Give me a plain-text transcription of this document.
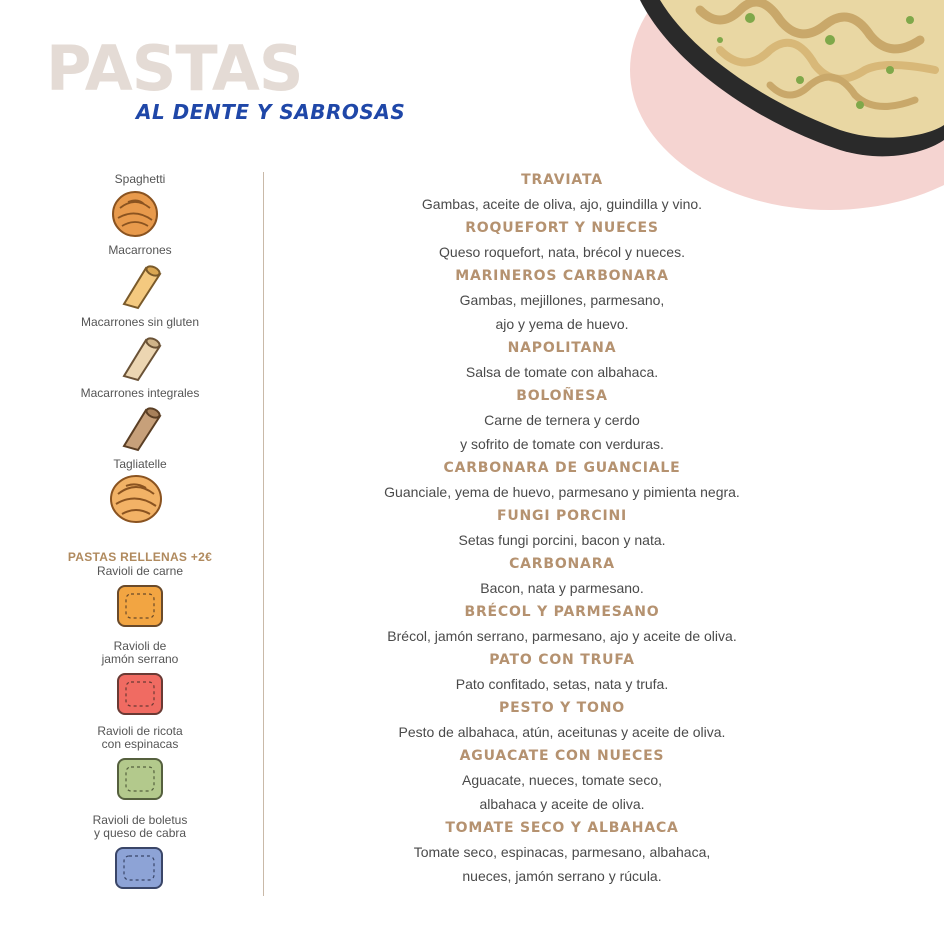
PASTAS
AL DENTE Y SABROSAS
Spaghetti
Macarrones
Macarrones sin gluten
Macarrones integrales
Tagliatelle
PASTAS RELLENAS +2€
Ravioli de carne
Ravioli de
jamón serrano
Ravioli de ricota
con espinacas
Ravioli de boletus
y queso de cabra
TRAVIATA
Gambas, aceite de oliva, ajo, guindilla y vino.
ROQUEFORT Y NUECES
Queso roquefort, nata, brécol y nueces.
MARINEROS CARBONARA
Gambas, mejillones, parmesano,
ajo y yema de huevo.
NAPOLITANA
Salsa de tomate con albahaca.
BOLOÑESA
Carne de ternera y cerdo
y sofrito de tomate con verduras.
CARBONARA DE GUANCIALE
Guanciale, yema de huevo, parmesano y pimienta negra.
FUNGI PORCINI
Setas fungi porcini, bacon y nata.
CARBONARA
Bacon, nata y parmesano.
BRÉCOL Y PARMESANO
Brécol, jamón serrano, parmesano, ajo y aceite de oliva.
PATO CON TRUFA
Pato confitado, setas, nata y trufa.
PESTO Y TONO
Pesto de albahaca, atún, aceitunas y aceite de oliva.
AGUACATE CON NUECES
Aguacate, nueces, tomate seco,
albahaca y aceite de oliva.
TOMATE SECO Y ALBAHACA
Tomate seco, espinacas, parmesano, albahaca,
nueces, jamón serrano y rúcula.
